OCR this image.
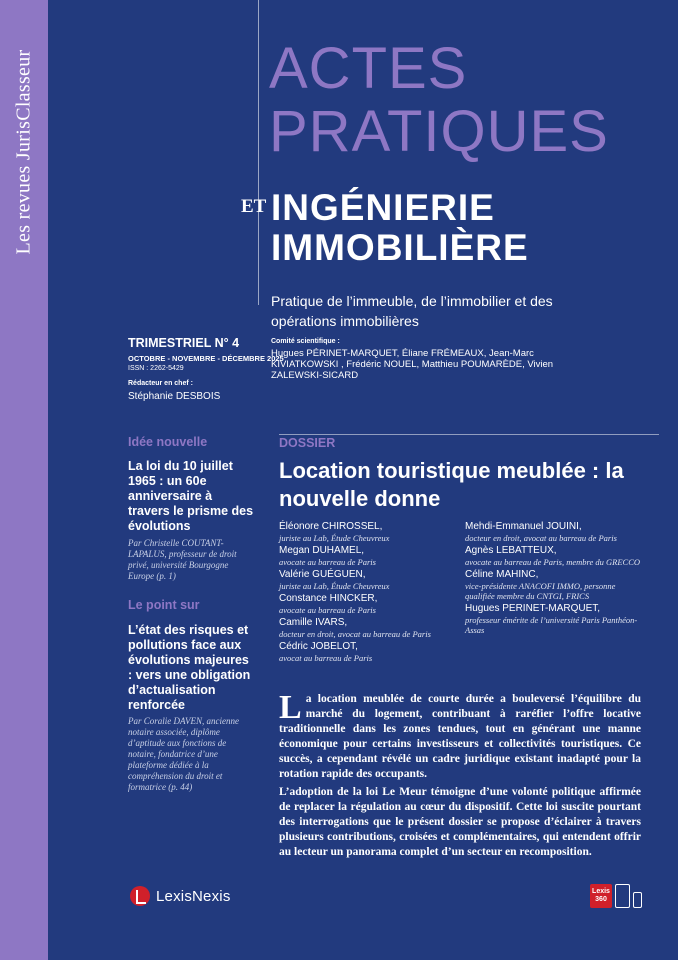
Les revues JurisClasseur	ACTES
PRATIQUES
ET INGÉNIERIE
IMMOBILIÈRE
Pratique de l’immeuble, de l’immobilier et des opérations immobilières
TRIMESTRIEL N° 4
OCTOBRE - NOVEMBRE - DÉCEMBRE 2025
ISSN : 2262-5429
Rédacteur en chef :
Stéphanie DESBOIS
Comité scientifique :
Hugues PÉRINET-MARQUET, Éliane FRÉMEAUX, Jean-Marc KIVIATKOWSKI , Frédéric NOUEL, Matthieu POUMARÈDE, Vivien ZALEWSKI-SICARD
Idée nouvelle
La loi du 10 juillet 1965 : un 60e anniversaire à travers le prisme des évolutions
Par Christelle COUTANT-LAPALUS, professeur de droit privé, université Bourgogne Europe (p. 1)
Le point sur
L’état des risques et pollutions face aux évolutions majeures : vers une obligation d’actualisation renforcée
Par Coralie DAVEN, ancienne notaire associée, diplôme d’aptitude aux fonctions de notaire, fondatrice d’une plateforme dédiée à la compréhension du droit et formatrice (p. 44)
DOSSIER
Location touristique meublée : la nouvelle donne
Éléonore CHIROSSEL,
juriste au Lab, Étude Cheuvreux
Megan DUHAMEL,
avocate au barreau de Paris
Valérie GUÉGUEN,
juriste au Lab, Étude Cheuvreux
Constance HINCKER,
avocate au barreau de Paris
Camille IVARS,
docteur en droit, avocat au barreau de Paris
Cédric JOBELOT,
avocat au barreau de Paris
Mehdi-Emmanuel JOUINI,
docteur en droit, avocat au barreau de Paris
Agnès LEBATTEUX,
avocate au barreau de Paris, membre du GRECCO
Céline MAHINC,
vice-présidente ANACOFI IMMO, personne qualifiée membre du CNTGI, FRICS
Hugues PERINET-MARQUET,
professeur émérite de l’université Paris Panthéon-Assas

La location meublée de courte durée a bouleversé l’équilibre du marché du logement, contribuant à raréfier l’offre locative traditionnelle dans les zones tendues, tout en générant une manne économique pour certains investisseurs et collectivités touristiques. Ce succès, a cependant révélé un cadre juridique existant inadapté pour la rotation rapide des occupants.

L’adoption de la loi Le Meur témoigne d’une volonté politique affirmée de replacer la régulation au cœur du dispositif. Cette loi suscite pourtant des interrogations que le présent dossier se propose d’éclairer à travers plusieurs contributions, croisées et complémentaires, qui entendent offrir au lecteur un panorama complet d’un secteur en recomposition.

LexisNexis	Lexis 360
